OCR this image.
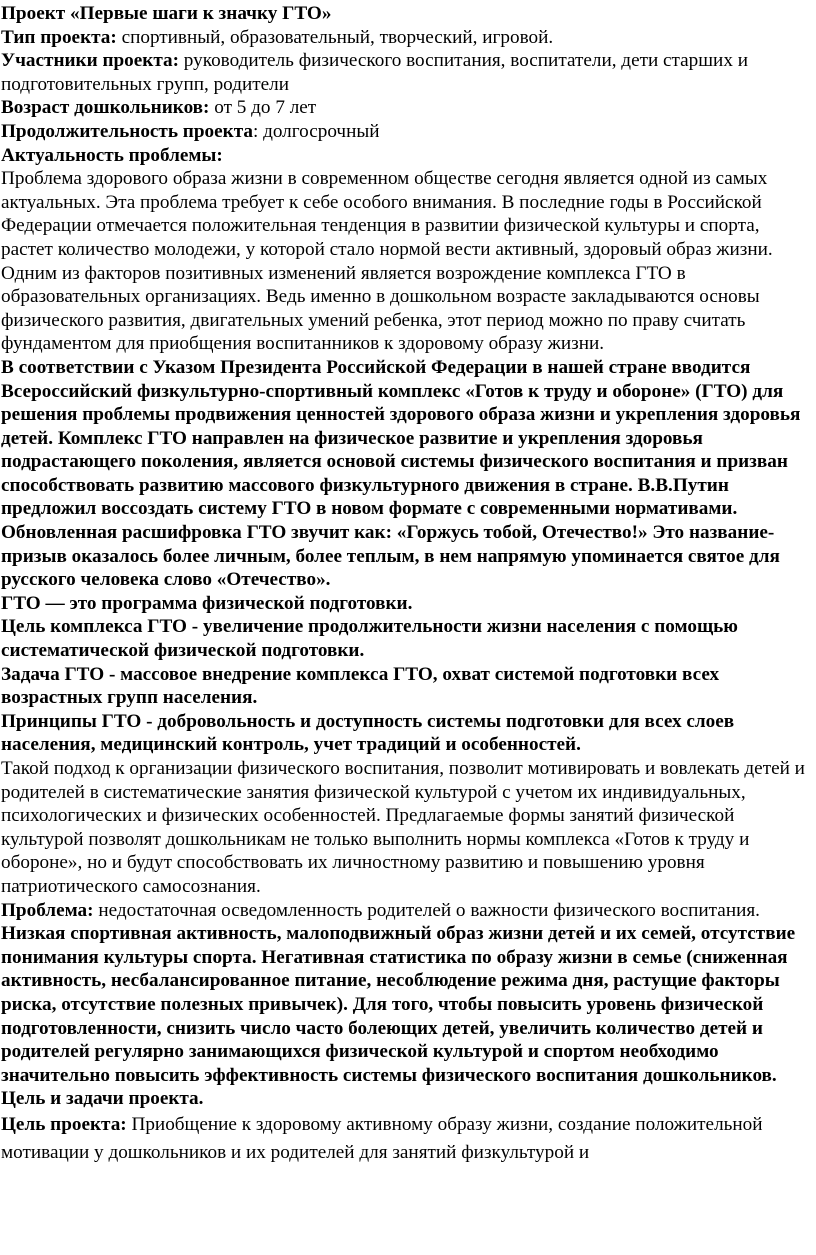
Проект «Первые шаги к значку ГТО»

Тип проекта: спортивный, образовательный, творческий, игровой.

Участники проекта: руководитель физического воспитания, воспитатели, дети старших и подготовительных групп, родители

Возраст дошкольников: от 5 до 7 лет

Продолжительность проекта: долгосрочный

Актуальность проблемы:

Проблема здорового образа жизни в современном обществе сегодня является одной из самых актуальных. Эта проблема требует к себе особого внимания. В последние годы в Российской Федерации отмечается положительная тенденция в развитии физической культуры и спорта, растет количество молодежи, у которой стало нормой вести активный, здоровый образ жизни. Одним из факторов позитивных изменений является возрождение комплекса ГТО в образовательных организациях. Ведь именно в дошкольном возрасте закладываются основы физического развития, двигательных умений ребенка, этот период можно по праву считать фундаментом для приобщения воспитанников к здоровому образу жизни.

В соответствии с Указом Президента Российской Федерации в нашей стране вводится Всероссийский физкультурно-спортивный комплекс «Готов к труду и обороне» (ГТО) для решения проблемы продвижения ценностей здорового образа жизни и укрепления здоровья детей. Комплекс ГТО направлен на физическое развитие и укрепления здоровья подрастающего поколения, является основой системы физического воспитания и призван способствовать развитию массового физкультурного движения в стране. В.В.Путин предложил воссоздать систему ГТО в новом формате с современными нормативами. Обновленная расшифровка ГТО звучит как: «Горжусь тобой, Отечество!» Это название-призыв оказалось более личным, более теплым, в нем напрямую упоминается святое для русского человека слово «Отечество».

ГТО — это программа физической подготовки.

Цель комплекса ГТО - увеличение продолжительности жизни населения с помощью систематической физической подготовки.

Задача ГТО - массовое внедрение комплекса ГТО, охват системой подготовки всех возрастных групп населения.

Принципы ГТО - добровольность и доступность системы подготовки для всех слоев населения, медицинский контроль, учет традиций и особенностей.

Такой подход к организации физического воспитания, позволит мотивировать и вовлекать детей и родителей в систематические занятия физической культурой с учетом их индивидуальных, психологических и физических особенностей. Предлагаемые формы занятий физической культурой позволят дошкольникам не только выполнить нормы комплекса «Готов к труду и обороне», но и будут способствовать их личностному развитию и повышению уровня патриотического самосознания.

Проблема: недостаточная осведомленность родителей о важности физического воспитания. Низкая спортивная активность, малоподвижный образ жизни детей и их семей, отсутствие понимания культуры спорта. Негативная статистика по образу жизни в семье (сниженная активность, несбалансированное питание, несоблюдение режима дня, растущие факторы риска, отсутствие полезных привычек). Для того, чтобы повысить уровень физической подготовленности, снизить число часто болеющих детей, увеличить количество детей и родителей регулярно занимающихся физической культурой и спортом необходимо значительно повысить эффективность системы физического воспитания дошкольников.

Цель и задачи проекта.

Цель проекта: Приобщение к здоровому активному образу жизни, создание положительной мотивации у дошкольников и их родителей для занятий физкультурой и
